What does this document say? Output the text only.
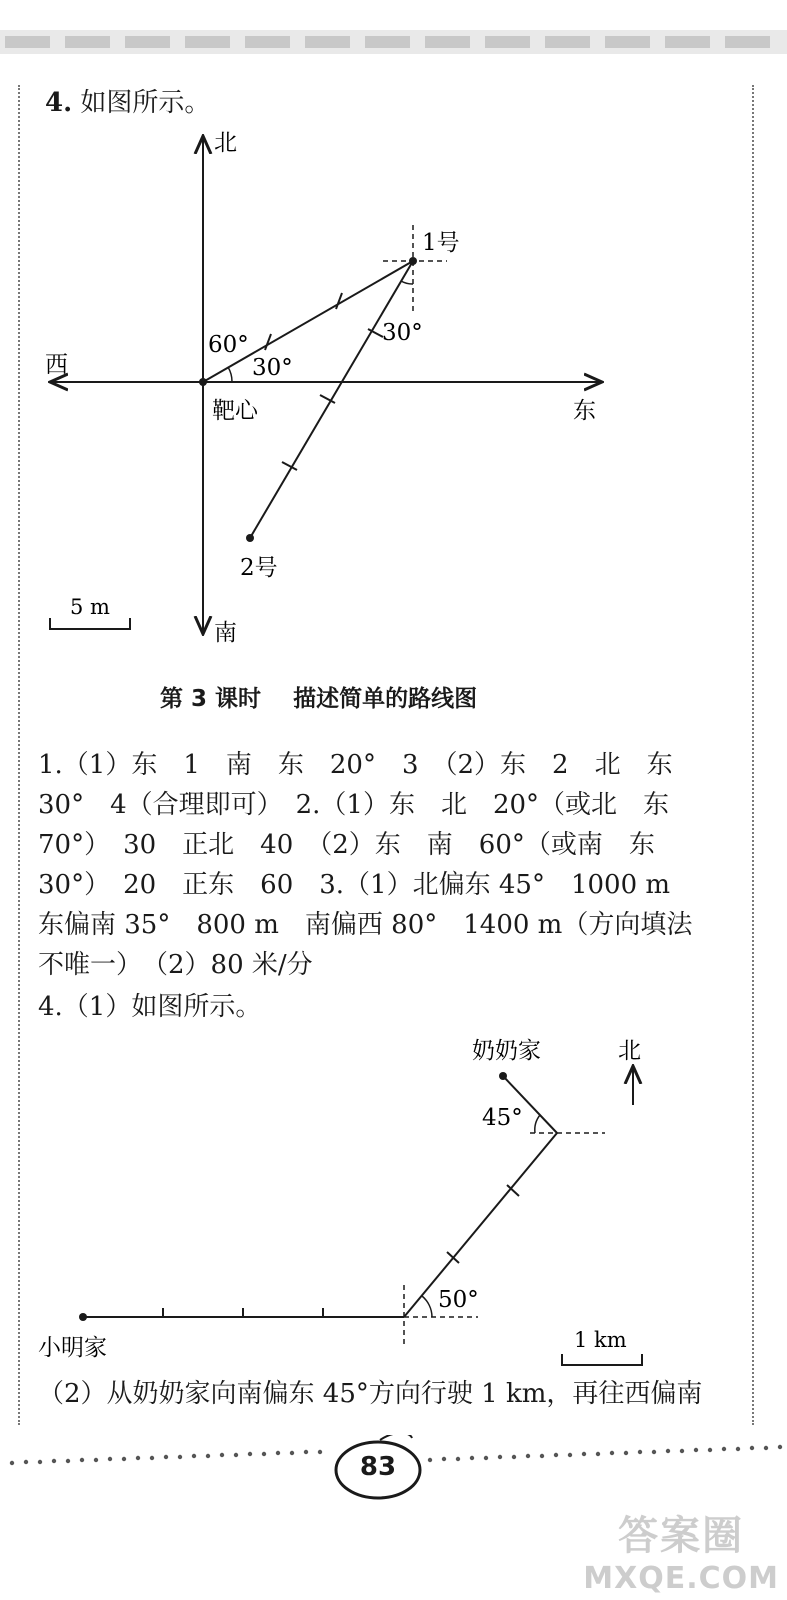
4. 如图所示。
北
1号
30°
60°
30°
西
靶心	东
2号
南
5 m
第 3 课时 描述简单的路线图
1.（1）东　1　南　东　20°　3　（2）东　2　北　东
30°　4（合理即可）　2.（1）东　北　20°（或北　东
70°）　30　正北　40　（2）东　南　60°（或南　东
30°）　20　正东　60　3.（1）北偏东 45°　1000 m
东偏南 35°　800 m　南偏西 80°　1400 m（方向填法
不唯一）　（2）80 米/分
4.（1）如图所示。
奶奶家	北
45°
50°
小明家	1 km
（2）从奶奶家向南偏东 45°方向行驶 1 km，再往西偏南
83
答案圈
MXQE.COM
